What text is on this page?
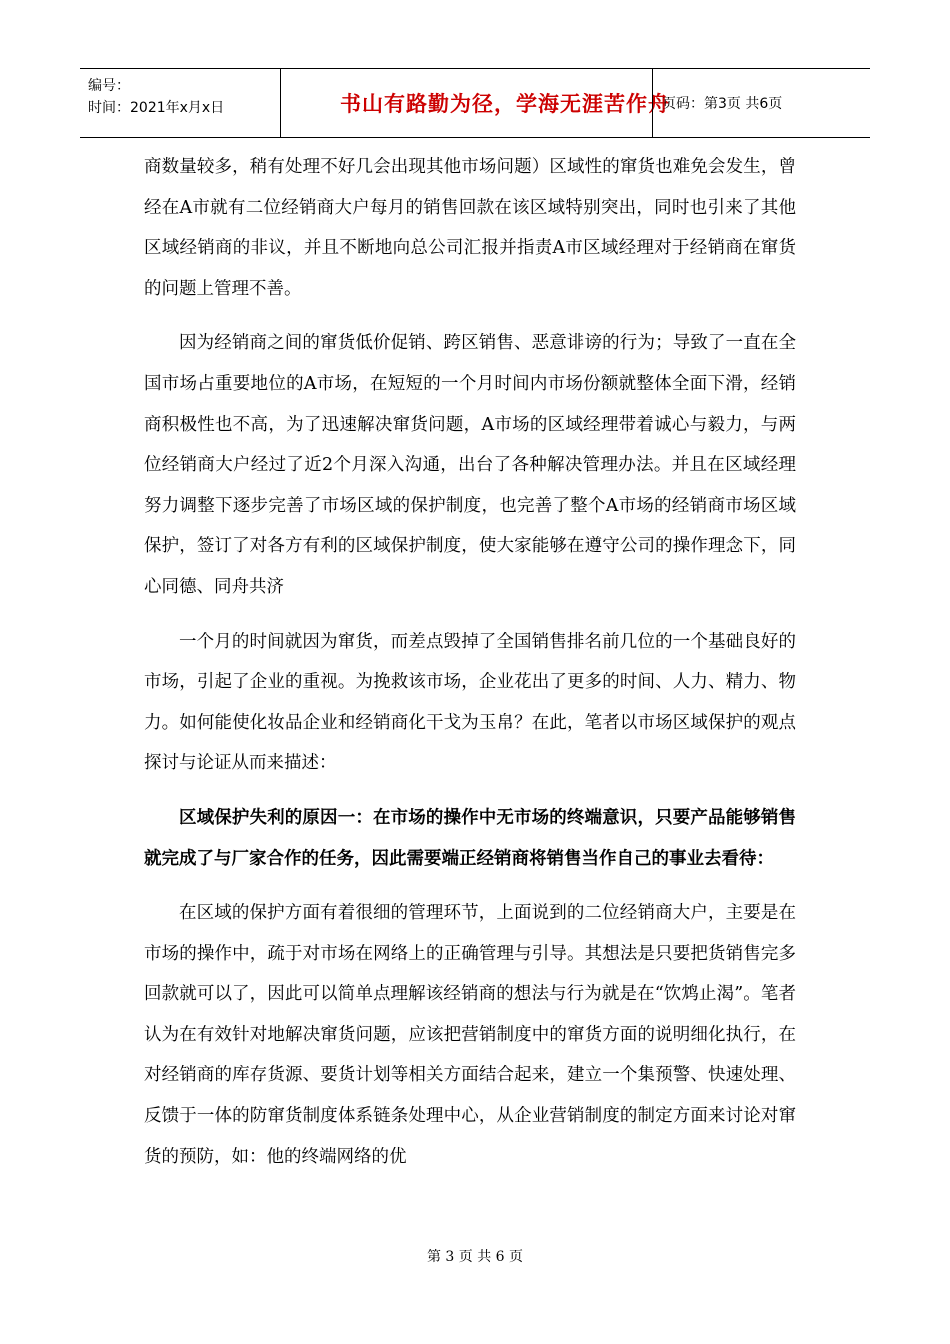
编号：
时间：2021年x月x日	书山有路勤为径，学海无涯苦作舟
页码：第3页 共6页

商数量较多，稍有处理不好几会出现其他市场问题）区域性的窜货也难免会发生，曾经在A市就有二位经销商大户每月的销售回款在该区域特别突出，同时也引来了其他区域经销商的非议，并且不断地向总公司汇报并指责A市区域经理对于经销商在窜货的问题上管理不善。

因为经销商之间的窜货低价促销、跨区销售、恶意诽谤的行为；导致了一直在全国市场占重要地位的A市场，在短短的一个月时间内市场份额就整体全面下滑，经销商积极性也不高，为了迅速解决窜货问题，A市场的区域经理带着诚心与毅力，与两位经销商大户经过了近2个月深入沟通，出台了各种解决管理办法。并且在区域经理努力调整下逐步完善了市场区域的保护制度，也完善了整个A市场的经销商市场区域保护，签订了对各方有利的区域保护制度，使大家能够在遵守公司的操作理念下，同心同德、同舟共济

一个月的时间就因为窜货，而差点毁掉了全国销售排名前几位的一个基础良好的市场，引起了企业的重视。为挽救该市场，企业花出了更多的时间、人力、精力、物力。如何能使化妆品企业和经销商化干戈为玉帛？在此，笔者以市场区域保护的观点探讨与论证从而来描述：

区域保护失利的原因一：在市场的操作中无市场的终端意识，只要产品能够销售就完成了与厂家合作的任务，因此需要端正经销商将销售当作自己的事业去看待：

在区域的保护方面有着很细的管理环节，上面说到的二位经销商大户，主要是在市场的操作中，疏于对市场在网络上的正确管理与引导。其想法是只要把货销售完多回款就可以了，因此可以简单点理解该经销商的想法与行为就是在“饮鸩止渴”。笔者认为在有效针对地解决窜货问题，应该把营销制度中的窜货方面的说明细化执行，在对经销商的库存货源、要货计划等相关方面结合起来，建立一个集预警、快速处理、反馈于一体的防窜货制度体系链条处理中心，从企业营销制度的制定方面来讨论对窜货的预防，如：他的终端网络的优

第 3 页 共 6 页
